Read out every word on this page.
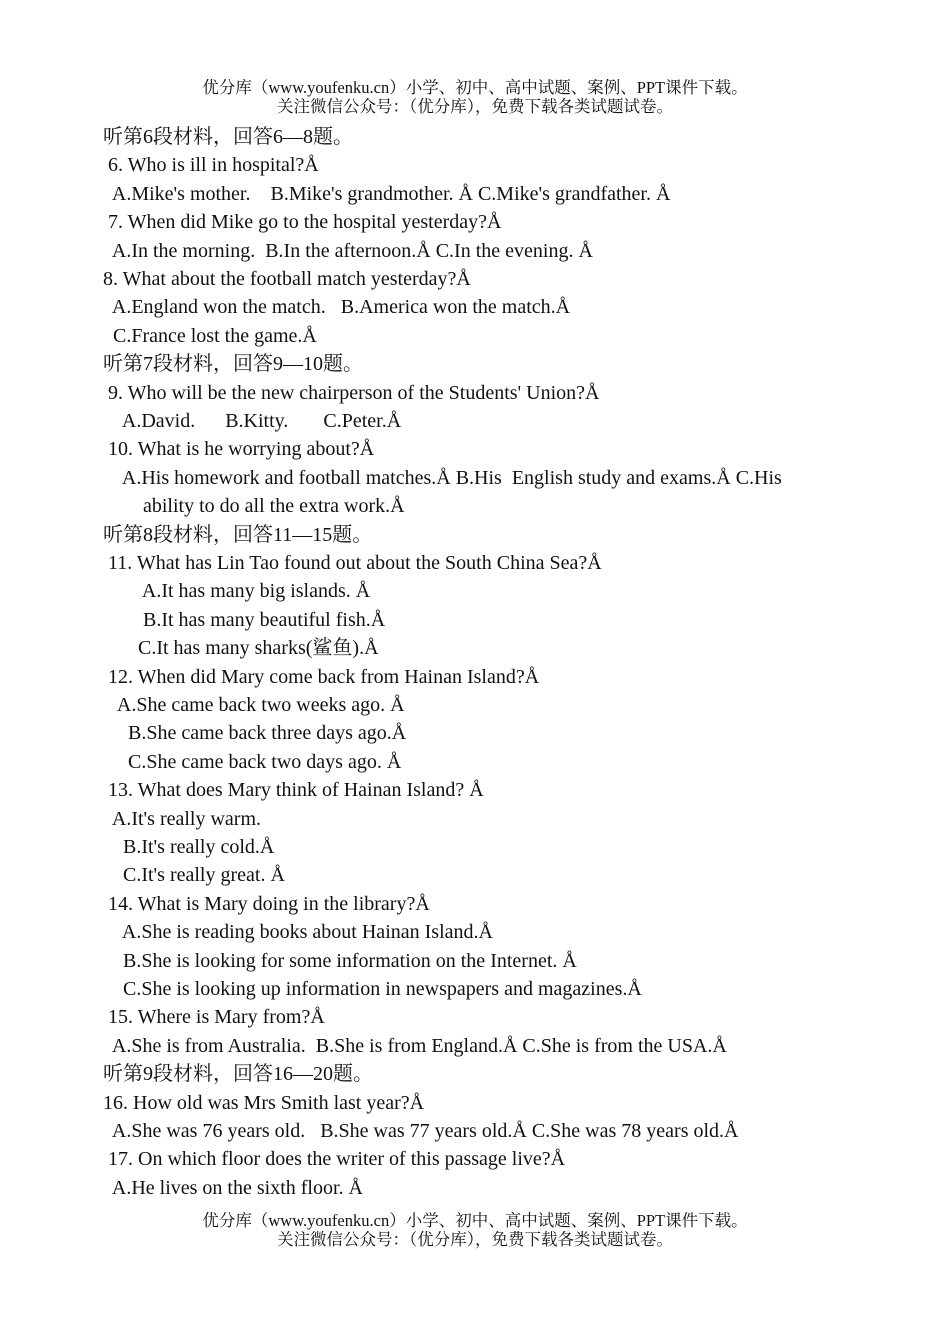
优分库（www.youfenku.cn）小学、初中、高中试题、案例、PPT课件下载。
关注微信公众号：（优分库），免费下载各类试题试卷。
听第6段材料，回答6—8题。
6. Who is ill in hospital?Å
A.Mike's mother.    B.Mike's grandmother. Å C.Mike's grandfather. Å
7. When did Mike go to the hospital yesterday?Å
A.In the morning.  B.In the afternoon.Å C.In the evening. Å
8. What about the football match yesterday?Å
A.England won the match.   B.America won the match.Å
C.France lost the game.Å
听第7段材料，回答9—10题。
9. Who will be the new chairperson of the Students' Union?Å
A.David.      B.Kitty.       C.Peter.Å
10. What is he worrying about?Å
A.His homework and football matches.Å B.His  English study and exams.Å C.His
ability to do all the extra work.Å
听第8段材料，回答11—15题。
11. What has Lin Tao found out about the South China Sea?Å
A.It has many big islands. Å
B.It has many beautiful fish.Å
C.It has many sharks(鲨鱼).Å
12. When did Mary come back from Hainan Island?Å
A.She came back two weeks ago. Å
B.She came back three days ago.Å
C.She came back two days ago. Å
13. What does Mary think of Hainan Island? Å
A.It's really warm.
B.It's really cold.Å
C.It's really great. Å
14. What is Mary doing in the library?Å
A.She is reading books about Hainan Island.Å
B.She is looking for some information on the Internet. Å
C.She is looking up information in newspapers and magazines.Å
15. Where is Mary from?Å
A.She is from Australia.  B.She is from England.Å C.She is from the USA.Å
听第9段材料，回答16—20题。
16. How old was Mrs Smith last year?Å
A.She was 76 years old.   B.She was 77 years old.Å C.She was 78 years old.Å
17. On which floor does the writer of this passage live?Å
A.He lives on the sixth floor. Å
优分库（www.youfenku.cn）小学、初中、高中试题、案例、PPT课件下载。
关注微信公众号：（优分库），免费下载各类试题试卷。
